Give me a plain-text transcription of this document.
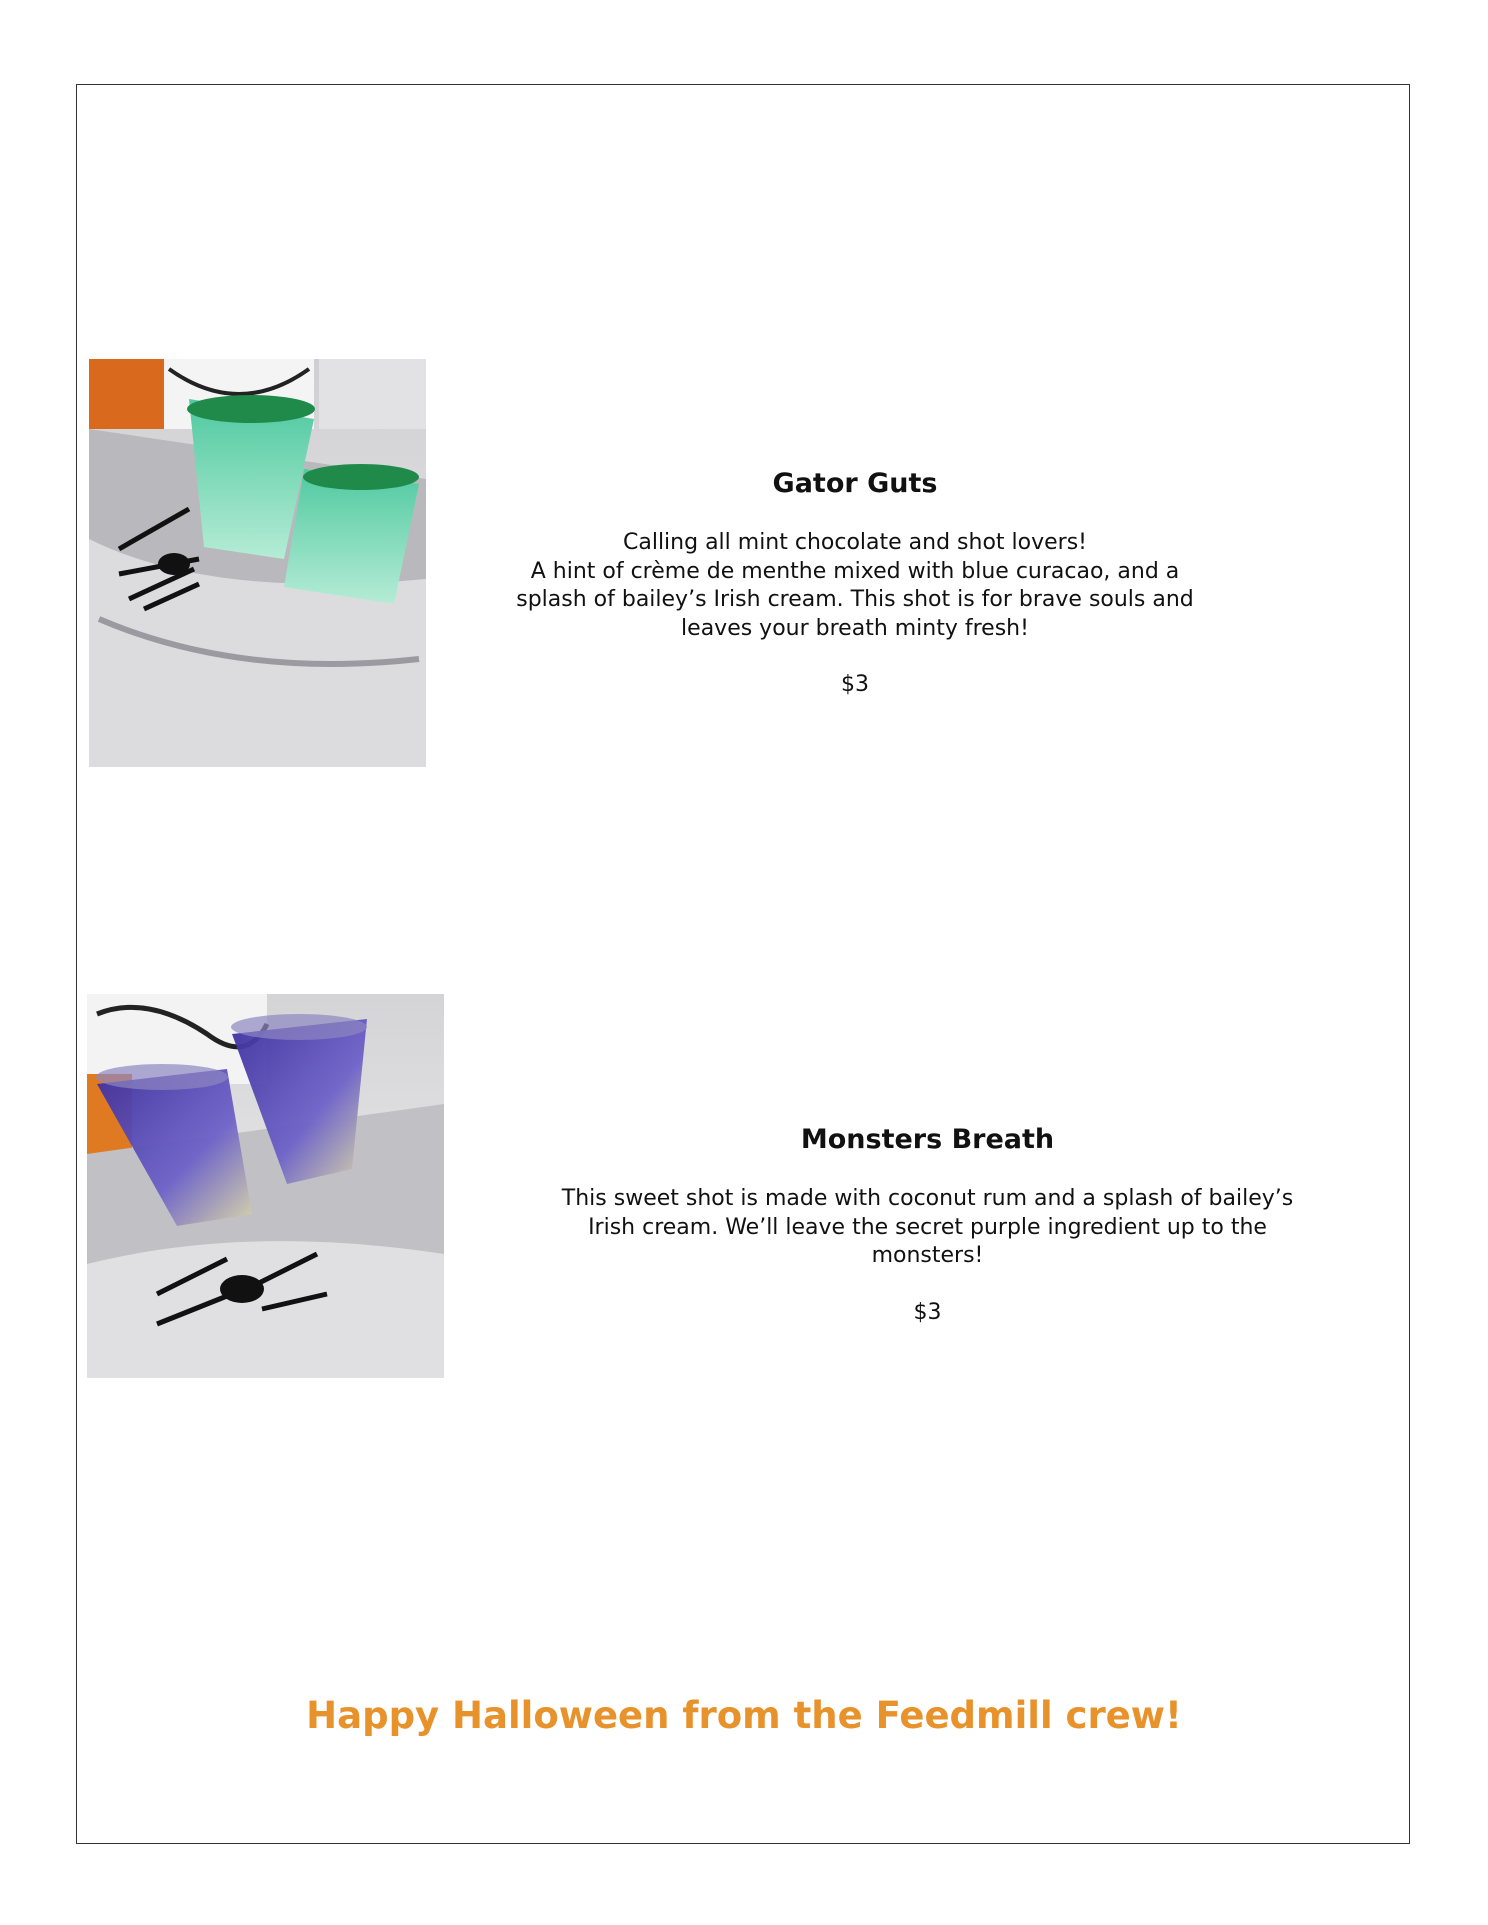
Gator Guts

Calling all mint chocolate and shot lovers!

A hint of crème de menthe mixed with blue curacao, and a

splash of bailey’s Irish cream. This shot is for brave souls and

leaves your breath minty fresh!

$3
Monsters Breath

This sweet shot is made with coconut rum and a splash of bailey’s

Irish cream. We’ll leave the secret purple ingredient up to the

monsters!

$3
Happy Halloween from the Feedmill crew!
